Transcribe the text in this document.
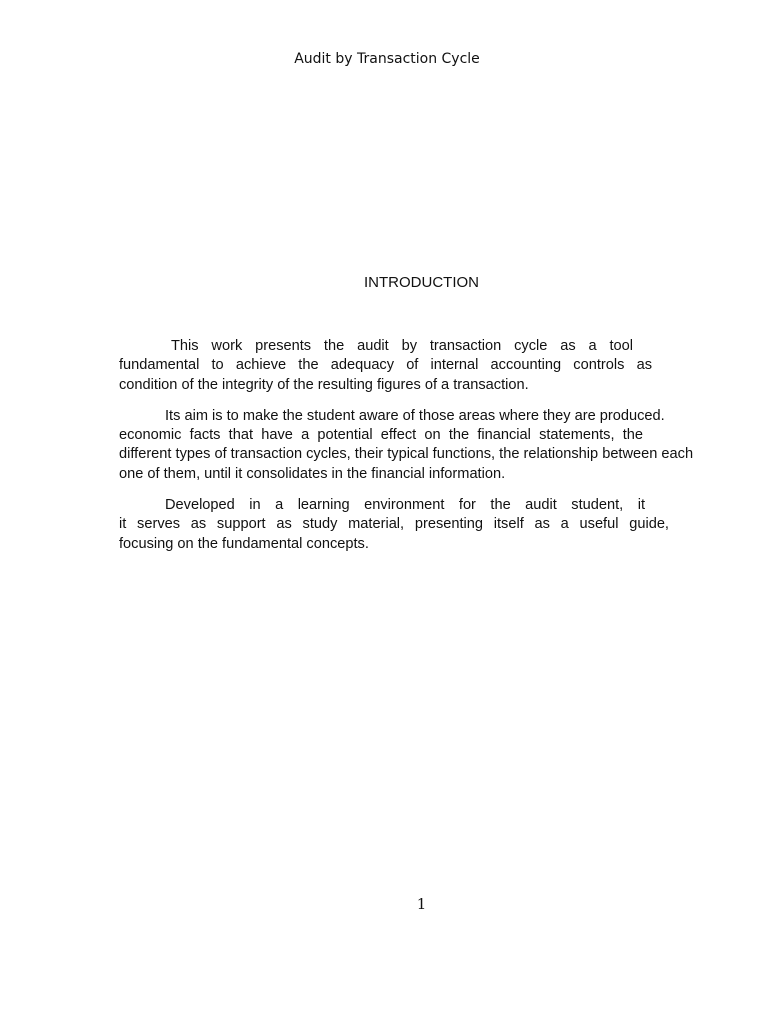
Audit by Transaction Cycle
INTRODUCTION
This work presents the audit by transaction cycle as a tool
fundamental to achieve the adequacy of internal accounting controls as
condition of the integrity of the resulting figures of a transaction.
Its aim is to make the student aware of those areas where they are produced.
economic facts that have a potential effect on the financial statements, the
different types of transaction cycles, their typical functions, the relationship between each
one of them, until it consolidates in the financial information.
Developed in a learning environment for the audit student, it
it serves as support as study material, presenting itself as a useful guide,
focusing on the fundamental concepts.
1
